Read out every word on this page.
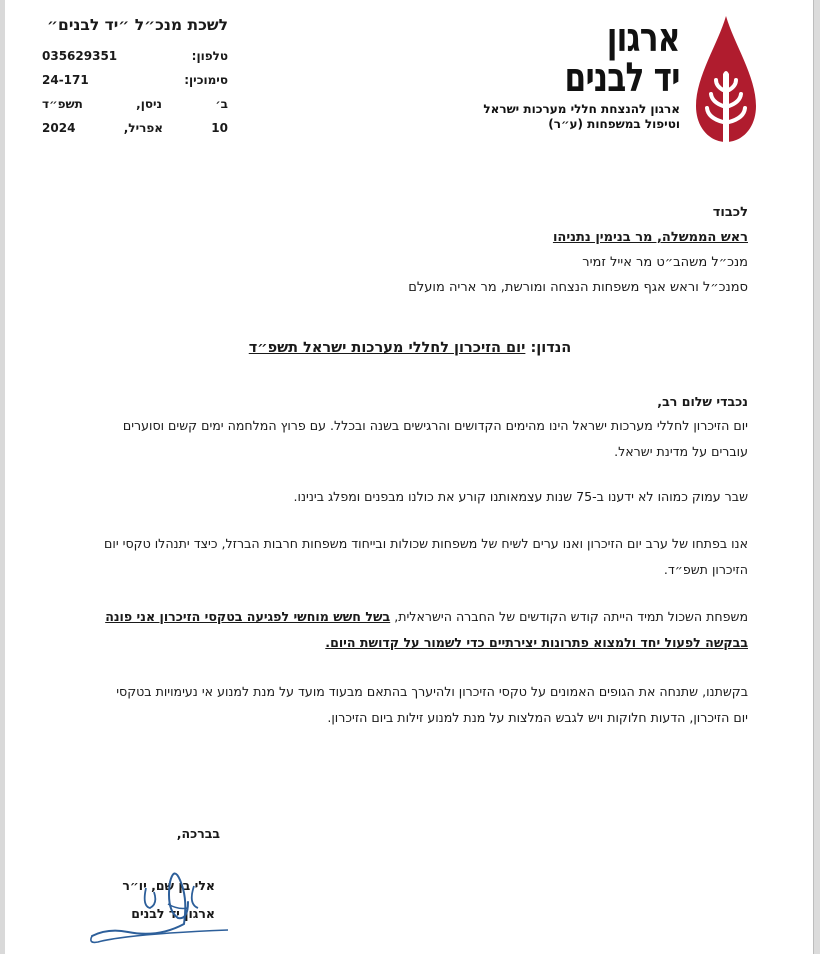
לשכת מנכ״ל ״יד לבנים״
טלפון:
035629351
סימוכין:
24-171
ב׳
ניסן,
תשפ״ד
10
אפריל,
2024
ארגון
יד לבנים
ארגון להנצחת חללי מערכות ישראל
וטיפול במשפחות (ע״ר)
לכבוד
ראש הממשלה, מר בנימין נתניהו
מנכ״ל משהב״ט מר אייל זמיר
סמנכ״ל וראש אגף משפחות הנצחה ומורשת, מר אריה מועלם
הנדון: יום הזיכרון לחללי מערכות ישראל תשפ״ד

נכבדי שלום רב,

יום הזיכרון לחללי מערכות ישראל הינו מהימים הקדושים והרגישים בשנה ובכלל. עם פרוץ המלחמה ימים קשים וסוערים עוברים על מדינת ישראל.

שבר עמוק כמוהו לא ידענו ב-75 שנות עצמאותנו קורע את כולנו מבפנים ומפלג בינינו.

אנו בפתחו של ערב יום הזיכרון ואנו ערים לשיח של משפחות שכולות ובייחוד משפחות חרבות הברזל, כיצד יתנהלו טקסי יום הזיכרון תשפ״ד.

משפחת השכול תמיד הייתה קודש הקודשים של החברה הישראלית, בשל חשש מוחשי לפגיעה בטקסי הזיכרון אני פונה בבקשה לפעול יחד ולמצוא פתרונות יצירתיים כדי לשמור על קדושת היום.

בקשתנו, שתנחה את הגופים האמונים על טקסי הזיכרון ולהיערך בהתאם מבעוד מועד על מנת למנוע אי נעימויות בטקסי יום הזיכרון, הדעות חלוקות ויש לגבש המלצות על מנת למנוע זילות ביום הזיכרון.

בברכה,
אלי בן שם, יו״ר
ארגון יד לבנים
